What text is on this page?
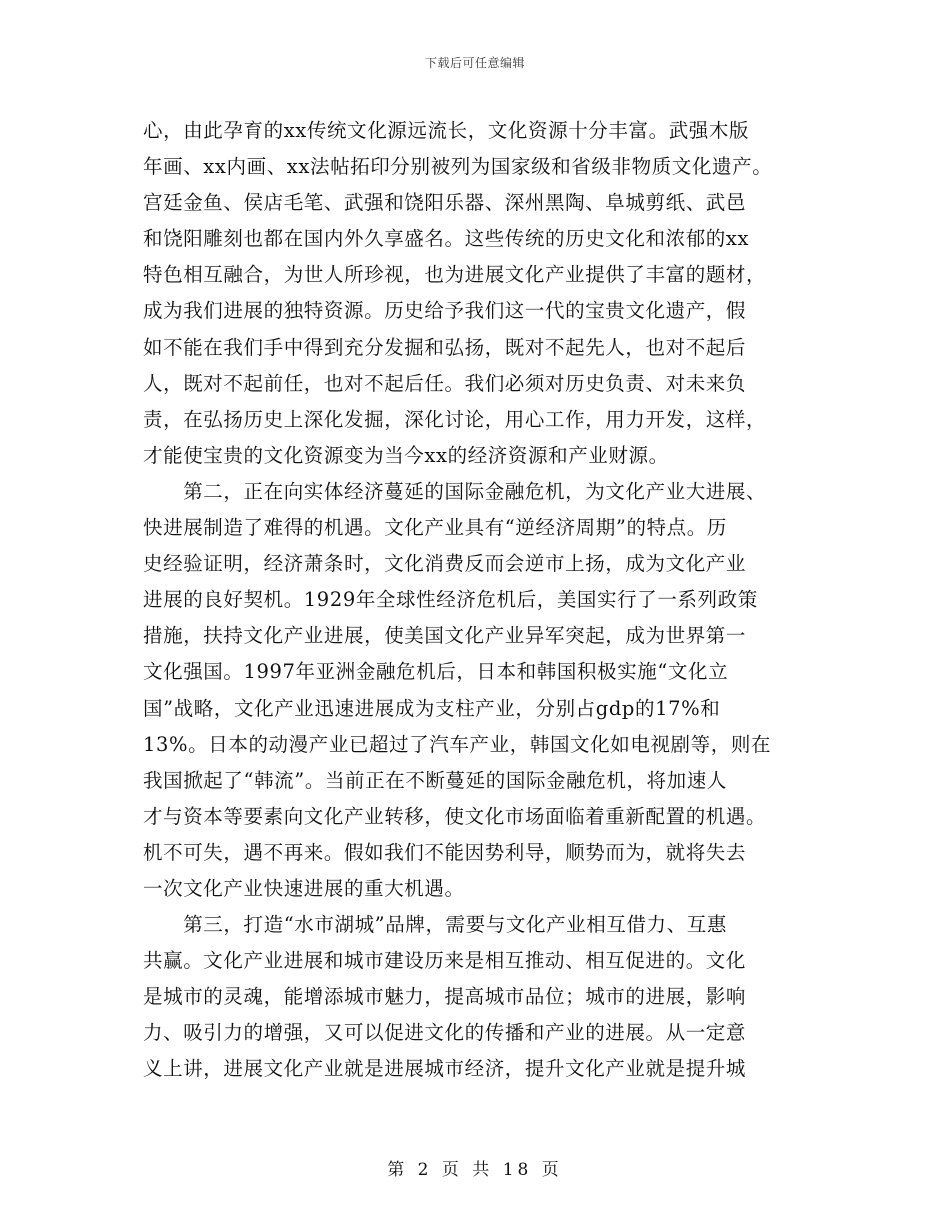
下载后可任意编辑
心，由此孕育的xx传统文化源远流长，文化资源十分丰富。武强木版
年画、xx内画、xx法帖拓印分别被列为国家级和省级非物质文化遗产。
宫廷金鱼、侯店毛笔、武强和饶阳乐器、深州黑陶、阜城剪纸、武邑
和饶阳雕刻也都在国内外久享盛名。这些传统的历史文化和浓郁的xx
特色相互融合，为世人所珍视，也为进展文化产业提供了丰富的题材，
成为我们进展的独特资源。历史给予我们这一代的宝贵文化遗产，假
如不能在我们手中得到充分发掘和弘扬，既对不起先人，也对不起后
人，既对不起前任，也对不起后任。我们必须对历史负责、对未来负
责，在弘扬历史上深化发掘，深化讨论，用心工作，用力开发，这样，
才能使宝贵的文化资源变为当今xx的经济资源和产业财源。
　　第二，正在向实体经济蔓延的国际金融危机，为文化产业大进展、
快进展制造了难得的机遇。文化产业具有“逆经济周期”的特点。历
史经验证明，经济萧条时，文化消费反而会逆市上扬，成为文化产业
进展的良好契机。1929年全球性经济危机后，美国实行了一系列政策
措施，扶持文化产业进展，使美国文化产业异军突起，成为世界第一
文化强国。1997年亚洲金融危机后，日本和韩国积极实施“文化立
国”战略，文化产业迅速进展成为支柱产业，分别占gdp的17%和
13%。日本的动漫产业已超过了汽车产业，韩国文化如电视剧等，则在
我国掀起了“韩流”。当前正在不断蔓延的国际金融危机，将加速人
才与资本等要素向文化产业转移，使文化市场面临着重新配置的机遇。
机不可失，遇不再来。假如我们不能因势利导，顺势而为，就将失去
一次文化产业快速进展的重大机遇。
　　第三，打造“水市湖城”品牌，需要与文化产业相互借力、互惠
共赢。文化产业进展和城市建设历来是相互推动、相互促进的。文化
是城市的灵魂，能增添城市魅力，提高城市品位；城市的进展，影响
力、吸引力的增强，又可以促进文化的传播和产业的进展。从一定意
义上讲，进展文化产业就是进展城市经济，提升文化产业就是提升城
第 2 页 共 18 页
